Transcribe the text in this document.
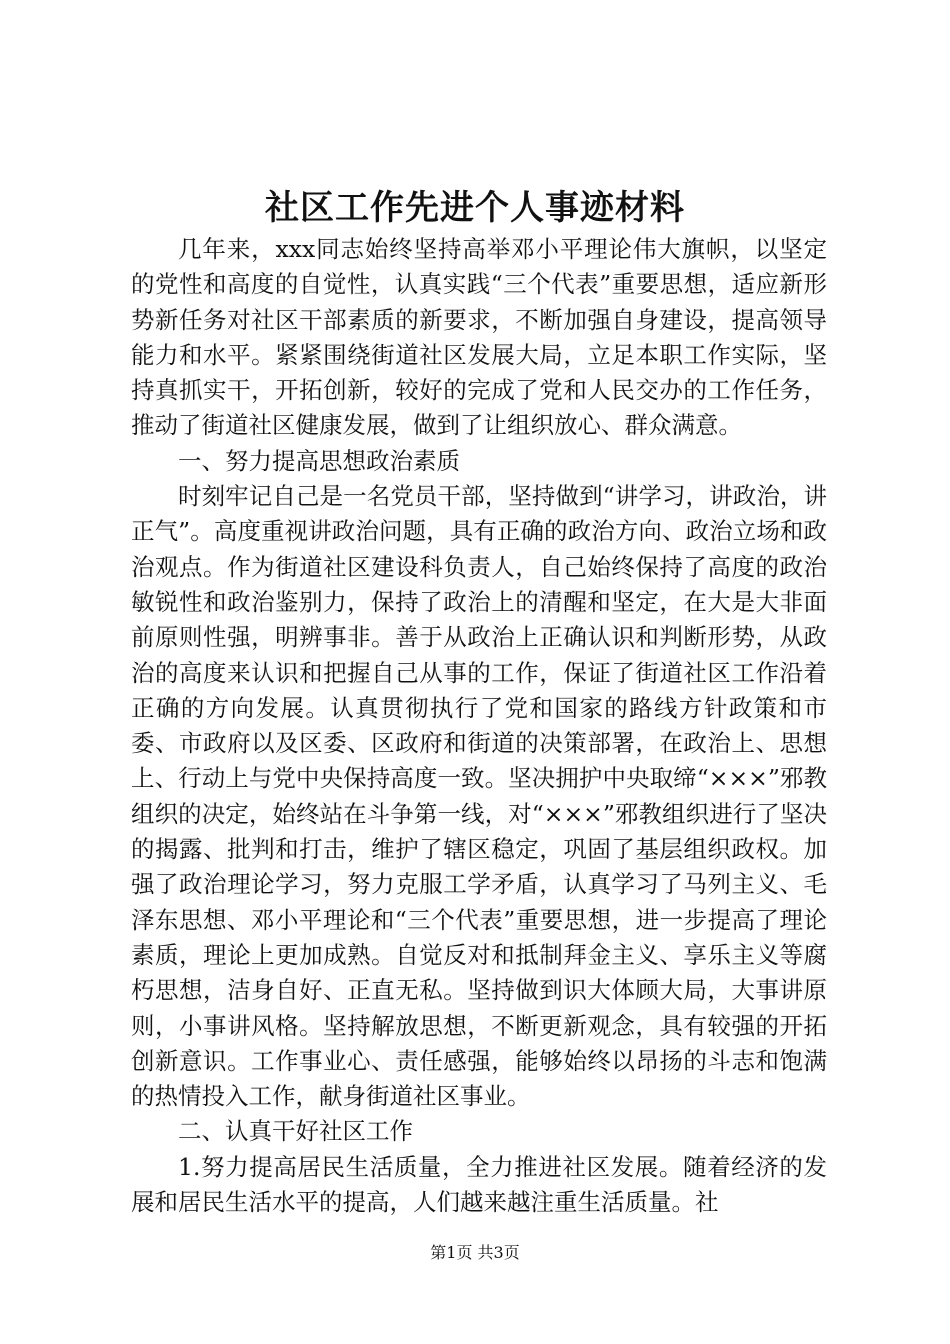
社区工作先进个人事迹材料

几年来，xxx同志始终坚持高举邓小平理论伟大旗帜，以坚定的党性和高度的自觉性，认真实践“三个代表”重要思想，适应新形势新任务对社区干部素质的新要求，不断加强自身建设，提高领导能力和水平。紧紧围绕街道社区发展大局，立足本职工作实际，坚持真抓实干，开拓创新，较好的完成了党和人民交办的工作任务，推动了街道社区健康发展，做到了让组织放心、群众满意。

一、努力提高思想政治素质

时刻牢记自己是一名党员干部，坚持做到“讲学习，讲政治，讲正气”。高度重视讲政治问题，具有正确的政治方向、政治立场和政治观点。作为街道社区建设科负责人，自己始终保持了高度的政治敏锐性和政治鉴别力，保持了政治上的清醒和坚定，在大是大非面前原则性强，明辨事非。善于从政治上正确认识和判断形势，从政治的高度来认识和把握自己从事的工作，保证了街道社区工作沿着正确的方向发展。认真贯彻执行了党和国家的路线方针政策和市委、市政府以及区委、区政府和街道的决策部署，在政治上、思想上、行动上与党中央保持高度一致。坚决拥护中央取缔“×××”邪教组织的决定，始终站在斗争第一线，对“×××”邪教组织进行了坚决的揭露、批判和打击，维护了辖区稳定，巩固了基层组织政权。加强了政治理论学习，努力克服工学矛盾，认真学习了马列主义、毛泽东思想、邓小平理论和“三个代表”重要思想，进一步提高了理论素质，理论上更加成熟。自觉反对和抵制拜金主义、享乐主义等腐朽思想，洁身自好、正直无私。坚持做到识大体顾大局，大事讲原则，小事讲风格。坚持解放思想，不断更新观念，具有较强的开拓创新意识。工作事业心、责任感强，能够始终以昂扬的斗志和饱满的热情投入工作，献身街道社区事业。

二、认真干好社区工作

1.努力提高居民生活质量，全力推进社区发展。随着经济的发展和居民生活水平的提高，人们越来越注重生活质量。社

第1页 共3页
